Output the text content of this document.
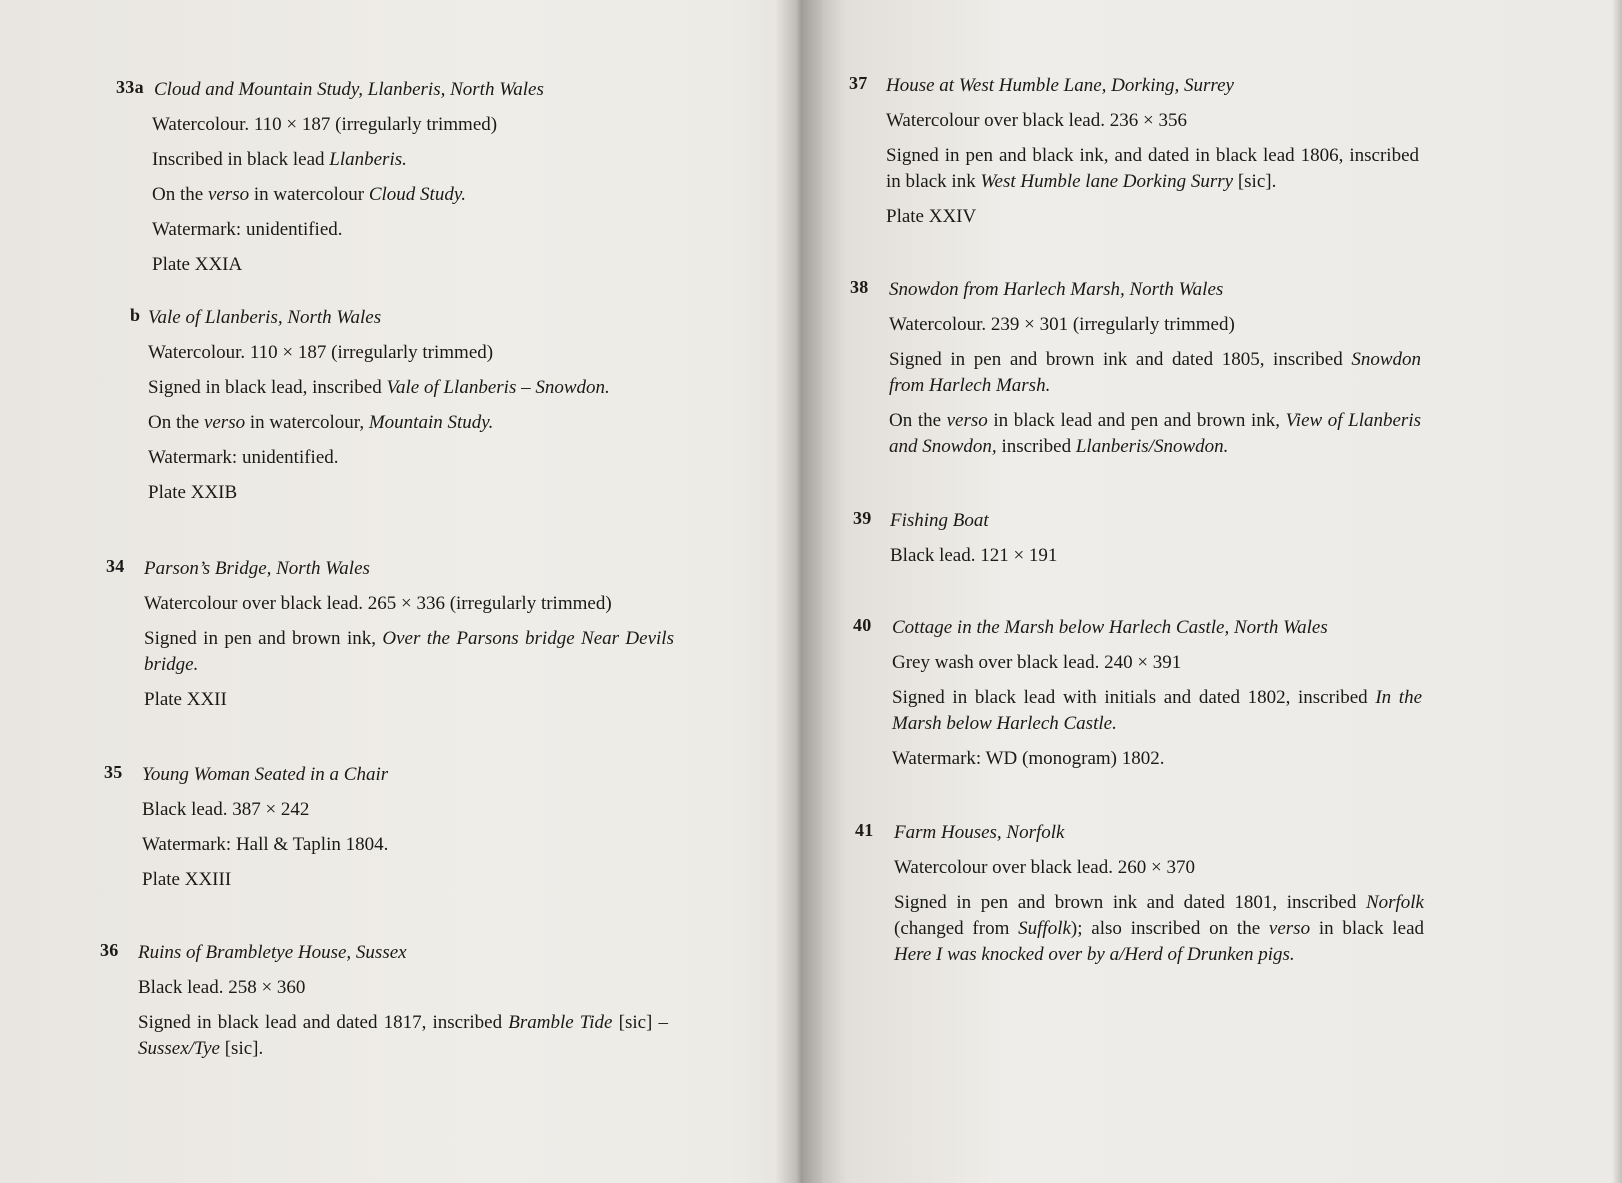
33a Cloud and Mountain Study, Llanberis, North Wales
Watercolour. 110 × 187 (irregularly trimmed)
Inscribed in black lead Llanberis.
On the verso in watercolour Cloud Study.
Watermark: unidentified.
Plate XXIA
b Vale of Llanberis, North Wales
Watercolour. 110 × 187 (irregularly trimmed)
Signed in black lead, inscribed Vale of Llanberis – Snowdon.
On the verso in watercolour, Mountain Study.
Watermark: unidentified.
Plate XXIB
34 Parson’s Bridge, North Wales
Watercolour over black lead. 265 × 336 (irregularly trimmed)
Signed in pen and brown ink, Over the Parsons bridge Near Devils bridge.
Plate XXII
35 Young Woman Seated in a Chair
Black lead. 387 × 242
Watermark: Hall & Taplin 1804.
Plate XXIII
36 Ruins of Brambletye House, Sussex
Black lead. 258 × 360
Signed in black lead and dated 1817, inscribed Bramble Tide [sic] – Sussex/Tye [sic].
37 House at West Humble Lane, Dorking, Surrey
Watercolour over black lead. 236 × 356
Signed in pen and black ink, and dated in black lead 1806, inscribed in black ink West Humble lane Dorking Surry [sic].
Plate XXIV
38 Snowdon from Harlech Marsh, North Wales
Watercolour. 239 × 301 (irregularly trimmed)
Signed in pen and brown ink and dated 1805, inscribed Snowdon from Harlech Marsh.
On the verso in black lead and pen and brown ink, View of Llanberis and Snowdon, inscribed Llanberis/Snowdon.
39 Fishing Boat
Black lead. 121 × 191
40 Cottage in the Marsh below Harlech Castle, North Wales
Grey wash over black lead. 240 × 391
Signed in black lead with initials and dated 1802, inscribed In the Marsh below Harlech Castle.
Watermark: WD (monogram) 1802.
41 Farm Houses, Norfolk
Watercolour over black lead. 260 × 370
Signed in pen and brown ink and dated 1801, inscribed Norfolk (changed from Suffolk); also inscribed on the verso in black lead Here I was knocked over by a/Herd of Drunken pigs.
